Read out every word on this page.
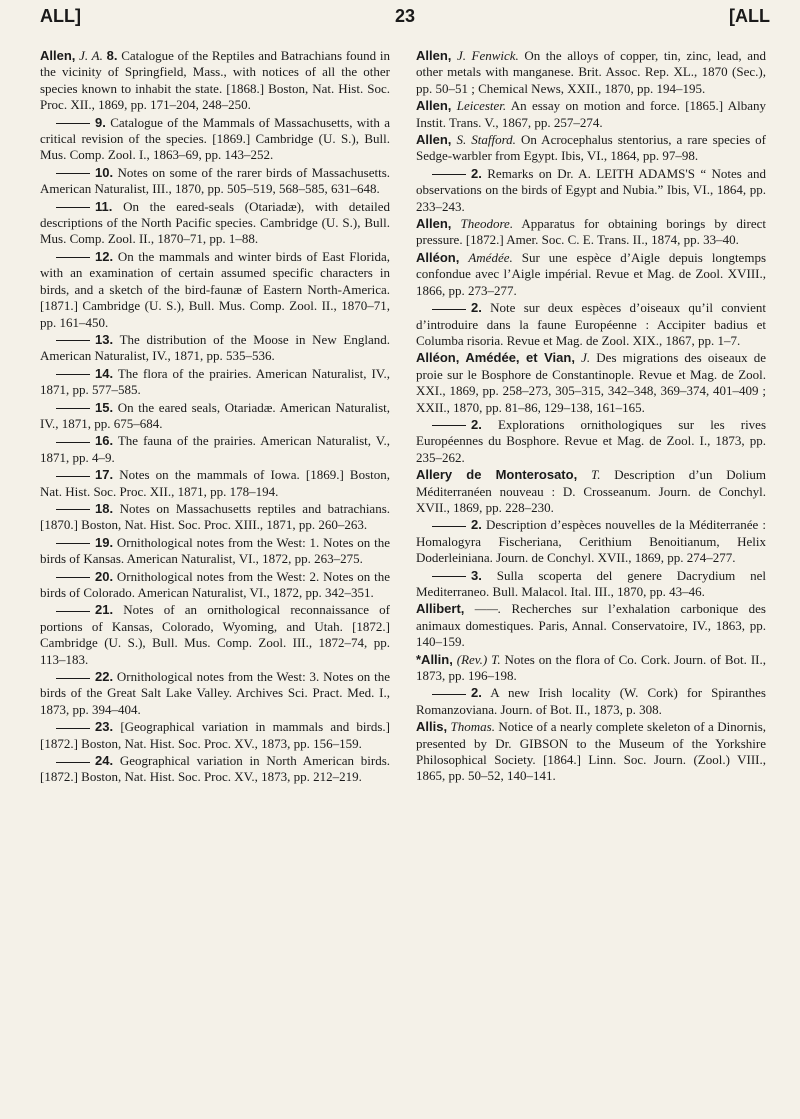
ALL]	23	[ALL

Allen, J. A. 8. Catalogue of the Reptiles and Batrachians found in the vicinity of Springfield, Mass., with notices of all the other species known to inhabit the state. [1868.] Boston, Nat. Hist. Soc. Proc. XII., 1869, pp. 171–204, 248–250.

9. Catalogue of the Mammals of Massachusetts, with a critical revision of the species. [1869.] Cambridge (U. S.), Bull. Mus. Comp. Zool. I., 1863–69, pp. 143–252.

10. Notes on some of the rarer birds of Massachusetts. American Naturalist, III., 1870, pp. 505–519, 568–585, 631–648.

11. On the eared-seals (Otariadæ), with detailed descriptions of the North Pacific species. Cambridge (U. S.), Bull. Mus. Comp. Zool. II., 1870–71, pp. 1–88.

12. On the mammals and winter birds of East Florida, with an examination of certain assumed specific characters in birds, and a sketch of the bird-faunæ of Eastern North-America. [1871.] Cambridge (U. S.), Bull. Mus. Comp. Zool. II., 1870–71, pp. 161–450.

13. The distribution of the Moose in New England. American Naturalist, IV., 1871, pp. 535–536.

14. The flora of the prairies. American Naturalist, IV., 1871, pp. 577–585.

15. On the eared seals, Otariadæ. American Naturalist, IV., 1871, pp. 675–684.

16. The fauna of the prairies. American Naturalist, V., 1871, pp. 4–9.

17. Notes on the mammals of Iowa. [1869.] Boston, Nat. Hist. Soc. Proc. XII., 1871, pp. 178–194.

18. Notes on Massachusetts reptiles and batrachians. [1870.] Boston, Nat. Hist. Soc. Proc. XIII., 1871, pp. 260–263.

19. Ornithological notes from the West: 1. Notes on the birds of Kansas. American Naturalist, VI., 1872, pp. 263–275.

20. Ornithological notes from the West: 2. Notes on the birds of Colorado. American Naturalist, VI., 1872, pp. 342–351.

21. Notes of an ornithological reconnaissance of portions of Kansas, Colorado, Wyoming, and Utah. [1872.] Cambridge (U. S.), Bull. Mus. Comp. Zool. III., 1872–74, pp. 113–183.

22. Ornithological notes from the West: 3. Notes on the birds of the Great Salt Lake Valley. Archives Sci. Pract. Med. I., 1873, pp. 394–404.

23. [Geographical variation in mammals and birds.] [1872.] Boston, Nat. Hist. Soc. Proc. XV., 1873, pp. 156–159.

24. Geographical variation in North American birds. [1872.] Boston, Nat. Hist. Soc. Proc. XV., 1873, pp. 212–219.

Allen, J. Fenwick. On the alloys of copper, tin, zinc, lead, and other metals with manganese. Brit. Assoc. Rep. XL., 1870 (Sec.), pp. 50–51 ; Chemical News, XXII., 1870, pp. 194–195.

Allen, Leicester. An essay on motion and force. [1865.] Albany Instit. Trans. V., 1867, pp. 257–274.

Allen, S. Stafford. On Acrocephalus stentorius, a rare species of Sedge-warbler from Egypt. Ibis, VI., 1864, pp. 97–98.

2. Remarks on Dr. A. LEITH ADAMS'S “ Notes and observations on the birds of Egypt and Nubia.” Ibis, VI., 1864, pp. 233–243.

Allen, Theodore. Apparatus for obtaining borings by direct pressure. [1872.] Amer. Soc. C. E. Trans. II., 1874, pp. 33–40.

Alléon, Amédée. Sur une espèce d’Aigle depuis longtemps confondue avec l’Aigle impérial. Revue et Mag. de Zool. XVIII., 1866, pp. 273–277.

2. Note sur deux espèces d’oiseaux qu’il convient d’introduire dans la faune Européenne : Accipiter badius et Columba risoria. Revue et Mag. de Zool. XIX., 1867, pp. 1–7.

Alléon, Amédée, et Vian, J. Des migrations des oiseaux de proie sur le Bosphore de Constantinople. Revue et Mag. de Zool. XXI., 1869, pp. 258–273, 305–315, 342–348, 369–374, 401–409 ; XXII., 1870, pp. 81–86, 129–138, 161–165.

2. Explorations ornithologiques sur les rives Européennes du Bosphore. Revue et Mag. de Zool. I., 1873, pp. 235–262.

Allery de Monterosato, T. Description d’un Dolium Méditerranéen nouveau : D. Crosseanum. Journ. de Conchyl. XVII., 1869, pp. 228–230.

2. Description d’espèces nouvelles de la Méditerranée : Homalogyra Fischeriana, Cerithium Benoitianum, Helix Doderleiniana. Journ. de Conchyl. XVII., 1869, pp. 274–277.

3. Sulla scoperta del genere Dacrydium nel Mediterraneo. Bull. Malacol. Ital. III., 1870, pp. 43–46.

Allibert, ——. Recherches sur l’exhalation carbonique des animaux domestiques. Paris, Annal. Conservatoire, IV., 1863, pp. 140–159.

*Allin, (Rev.) T. Notes on the flora of Co. Cork. Journ. of Bot. II., 1873, pp. 196–198.

2. A new Irish locality (W. Cork) for Spiranthes Romanzoviana. Journ. of Bot. II., 1873, p. 308.

Allis, Thomas. Notice of a nearly complete skeleton of a Dinornis, presented by Dr. GIBSON to the Museum of the Yorkshire Philosophical Society. [1864.] Linn. Soc. Journ. (Zool.) VIII., 1865, pp. 50–52, 140–141.
